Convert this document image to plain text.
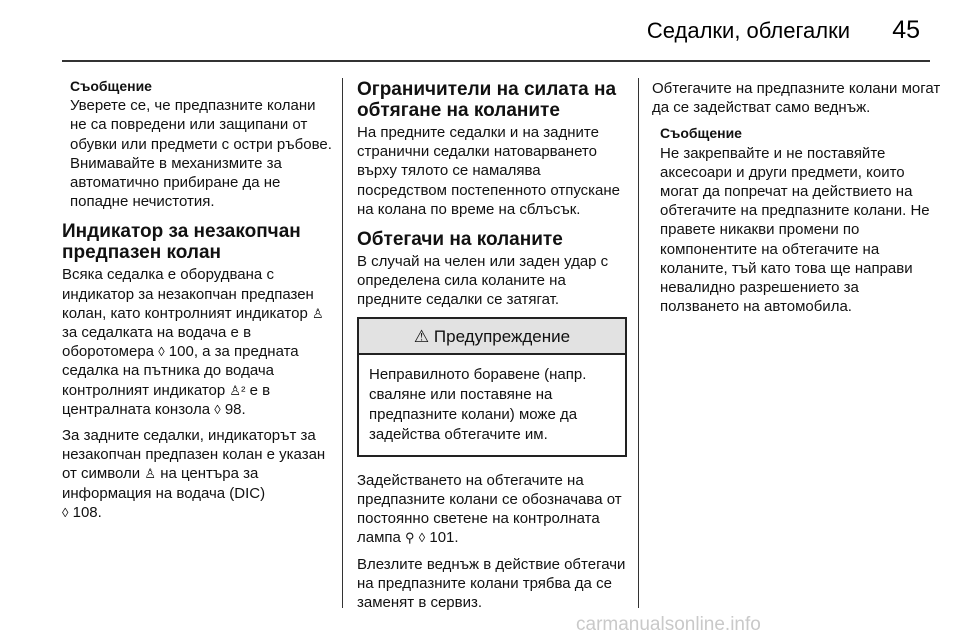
Седалки, облегалки 45
Съобщение

Уверете се, че предпазните колани не са повредени или защипани от обувки или предмети с остри ръбове. Внимавайте в механизмите за автоматично прибиране да не попадне нечистотия.

Индикатор за незакопчан предпазен колан

Всяка седалка е оборудвана с индикатор за незакопчан предпазен колан, като контролният индикатор ♙ за седалката на водача е в оборотомера ◊ 100, а за предната седалка на пътника до водача контролният индикатор ♙² е в централната конзола ◊ 98.

За задните седалки, индикаторът за незакопчан предпазен колан е указан от символи ♙ на центъра за информация на водача (DIC)
◊ 108.

Ограничители на силата на обтягане на коланите

На предните седалки и на задните странични седалки натоварването върху тялото се намалява посредством постепенното отпускане на колана по време на сблъсък.

Обтегачи на коланите

В случай на челен или заден удар с определена сила коланите на предните седалки се затягат.

⚠ Предупреждение
Неправилното боравене (напр. сваляне или поставяне на предпазните колани) може да задейства обтегачите им.

Задействането на обтегачите на предпазните колани се обозначава от постоянно светене на контролната лампа ⚲ ◊ 101.

Влезлите веднъж в действие обтегачи на предпазните колани трябва да се заменят в сервиз.

Обтегачите на предпазните колани могат да се задействат само веднъж.

Съобщение

Не закрепвайте и не поставяйте аксесоари и други предмети, които могат да попречат на действието на обтегачите на предпазните колани. Не правете никакви промени по компонентите на обтегачите на коланите, тъй като това ще направи невалидно разрешението за ползването на автомобила.

carmanualsonline.info
